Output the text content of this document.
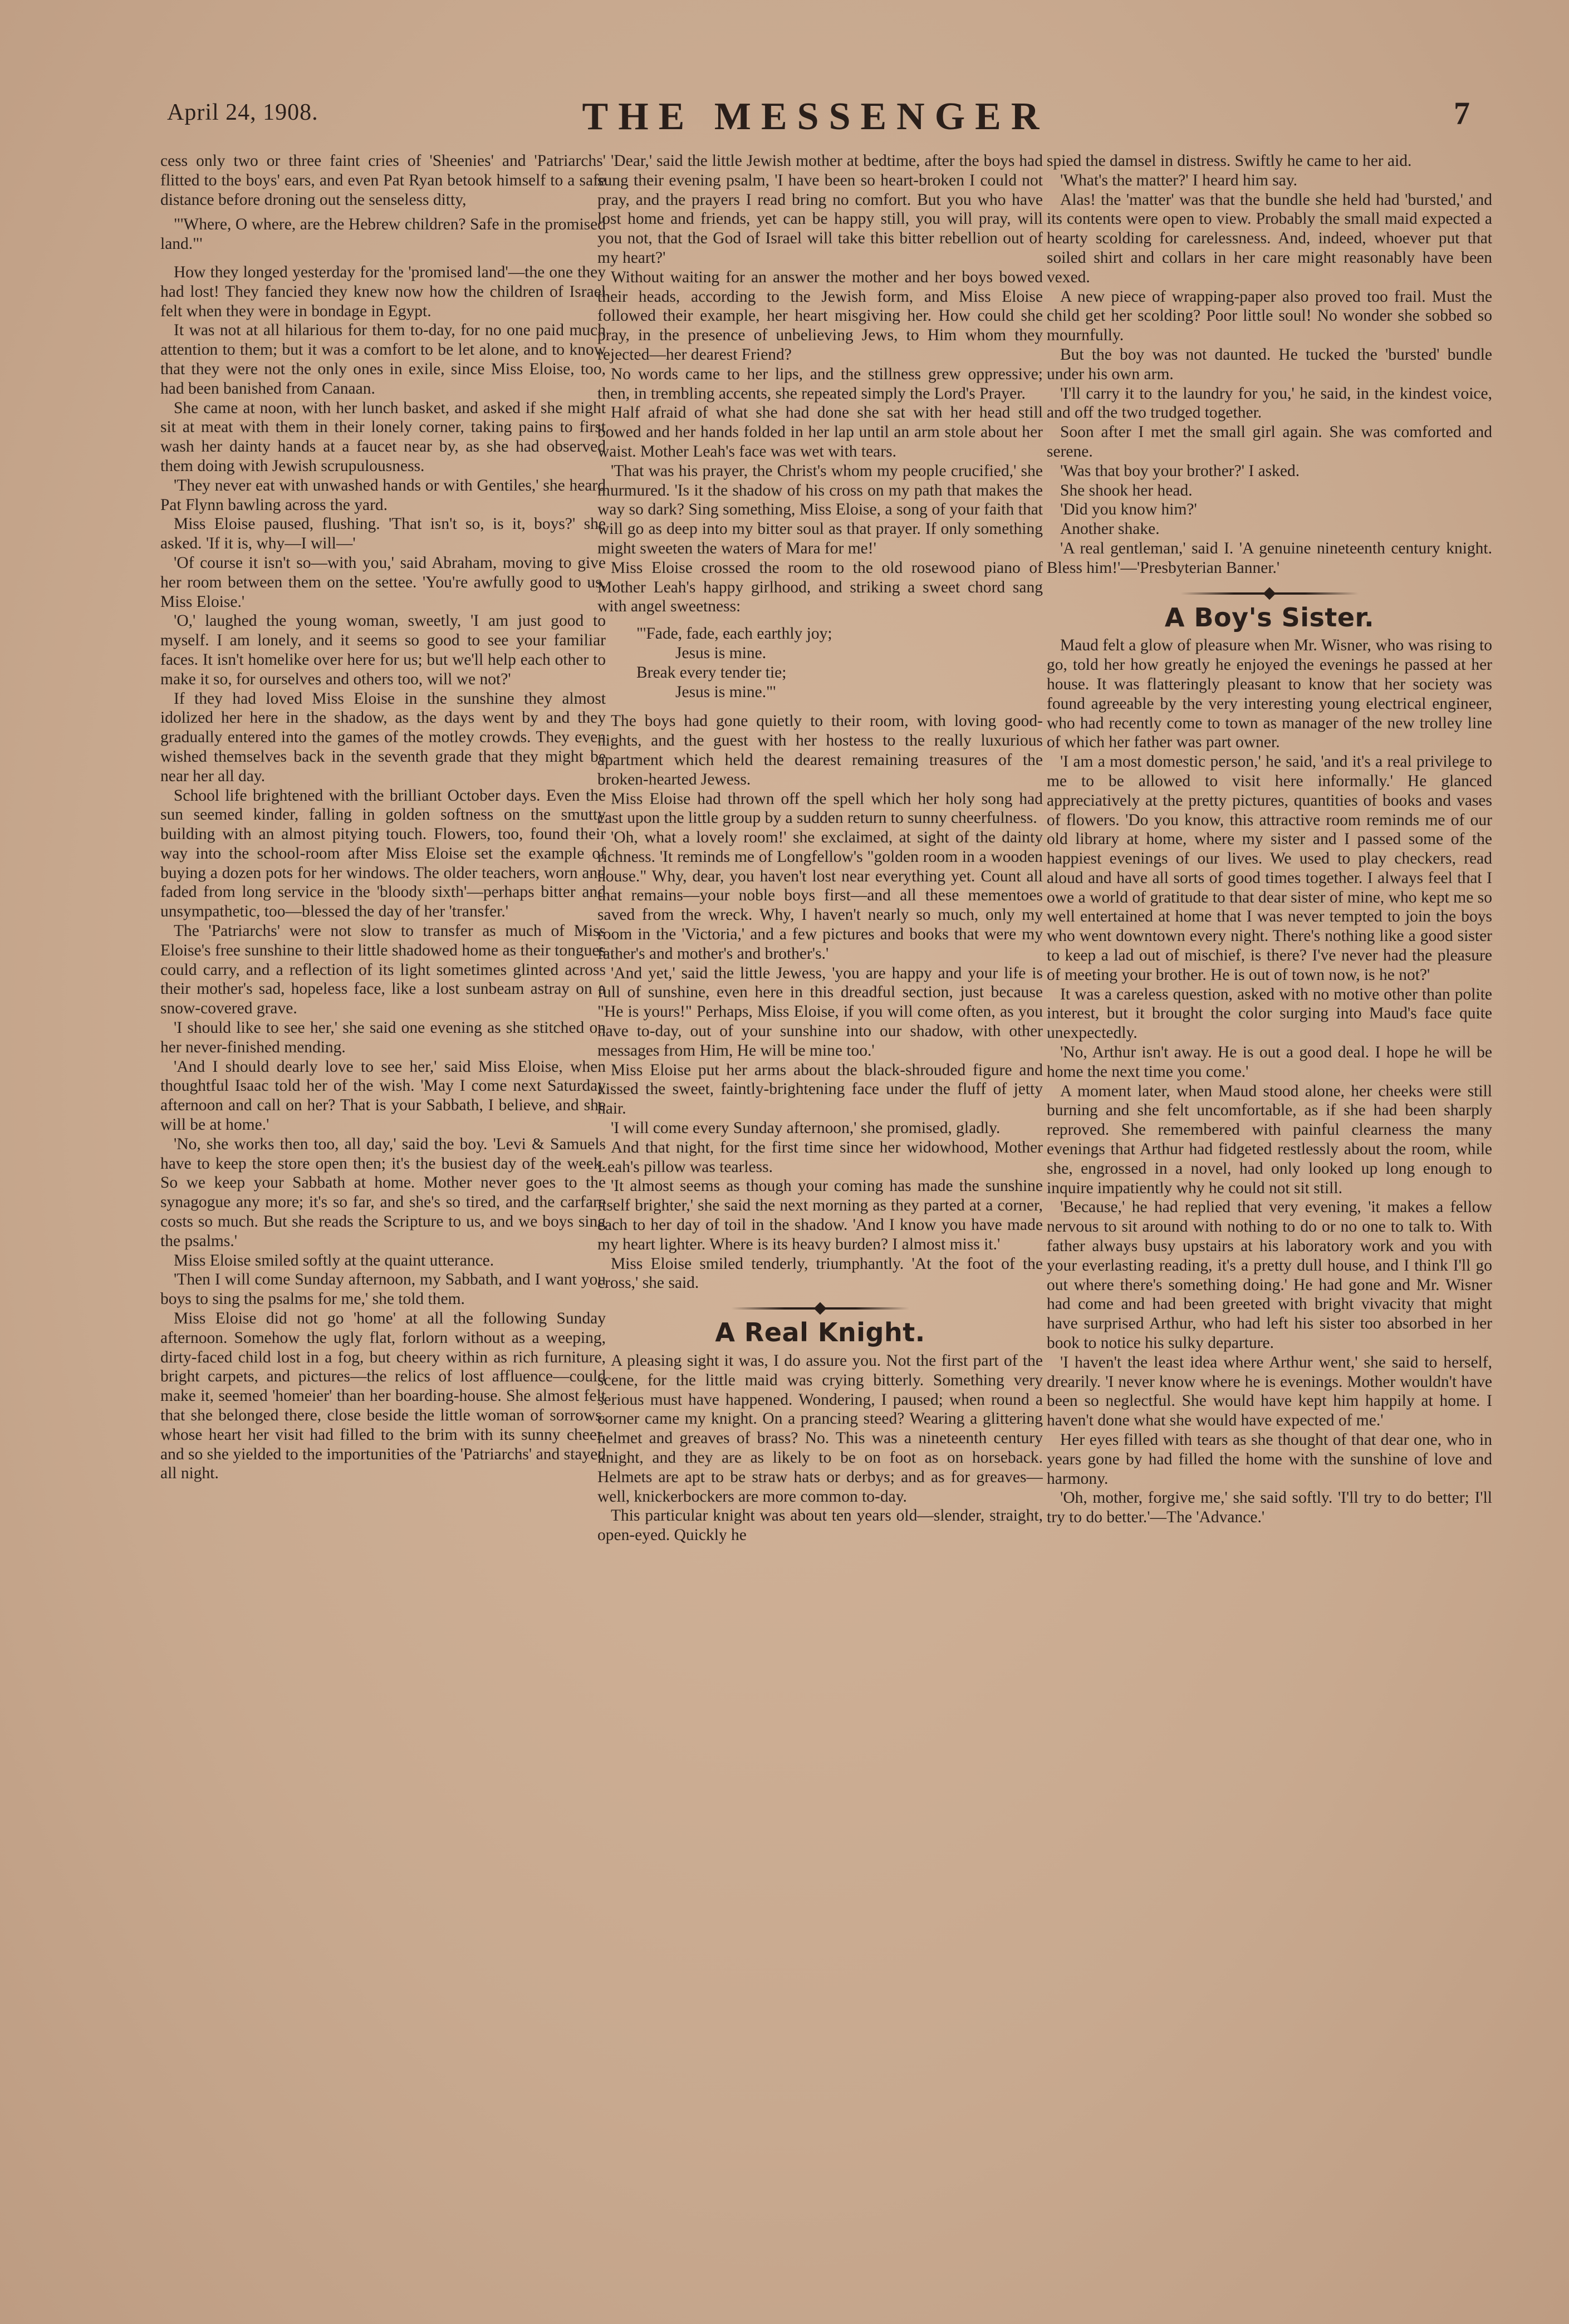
April 24, 1908.	THE MESSENGER	7

cess only two or three faint cries of 'Sheenies' and 'Patriarchs' flitted to the boys' ears, and even Pat Ryan betook himself to a safe distance before droning out the senseless ditty,

"'Where, O where, are the Hebrew children? Safe in the promised land."'

How they longed yesterday for the 'promised land'—the one they had lost! They fancied they knew now how the children of Israel felt when they were in bondage in Egypt.

It was not at all hilarious for them to-day, for no one paid much attention to them; but it was a comfort to be let alone, and to know that they were not the only ones in exile, since Miss Eloise, too, had been banished from Canaan.

She came at noon, with her lunch basket, and asked if she might sit at meat with them in their lonely corner, taking pains to first wash her dainty hands at a faucet near by, as she had observed them doing with Jewish scrupulousness.

'They never eat with unwashed hands or with Gentiles,' she heard Pat Flynn bawling across the yard.

Miss Eloise paused, flushing. 'That isn't so, is it, boys?' she asked. 'If it is, why—I will—'

'Of course it isn't so—with you,' said Abraham, moving to give her room between them on the settee. 'You're awfully good to us, Miss Eloise.'

'O,' laughed the young woman, sweetly, 'I am just good to myself. I am lonely, and it seems so good to see your familiar faces. It isn't homelike over here for us; but we'll help each other to make it so, for ourselves and others too, will we not?'

If they had loved Miss Eloise in the sunshine they almost idolized her here in the shadow, as the days went by and they gradually entered into the games of the motley crowds. They even wished themselves back in the seventh grade that they might be near her all day.

School life brightened with the brilliant October days. Even the sun seemed kinder, falling in golden softness on the smutty building with an almost pitying touch. Flowers, too, found their way into the school-room after Miss Eloise set the example of buying a dozen pots for her windows. The older teachers, worn and faded from long service in the 'bloody sixth'—perhaps bitter and unsympathetic, too—blessed the day of her 'transfer.'

The 'Patriarchs' were not slow to transfer as much of Miss Eloise's free sunshine to their little shadowed home as their tongues could carry, and a reflection of its light sometimes glinted across their mother's sad, hopeless face, like a lost sunbeam astray on a snow-covered grave.

'I should like to see her,' she said one evening as she stitched on her never-finished mending.

'And I should dearly love to see her,' said Miss Eloise, when thoughtful Isaac told her of the wish. 'May I come next Saturday afternoon and call on her? That is your Sabbath, I believe, and she will be at home.'

'No, she works then too, all day,' said the boy. 'Levi & Samuels have to keep the store open then; it's the busiest day of the week. So we keep your Sabbath at home. Mother never goes to the synagogue any more; it's so far, and she's so tired, and the carfare costs so much. But she reads the Scripture to us, and we boys sing the psalms.'

Miss Eloise smiled softly at the quaint utterance.

'Then I will come Sunday afternoon, my Sabbath, and I want you boys to sing the psalms for me,' she told them.

Miss Eloise did not go 'home' at all the following Sunday afternoon. Somehow the ugly flat, forlorn without as a weeping, dirty-faced child lost in a fog, but cheery within as rich furniture, bright carpets, and pictures—the relics of lost affluence—could make it, seemed 'homeier' than her boarding-house. She almost felt that she belonged there, close beside the little woman of sorrows, whose heart her visit had filled to the brim with its sunny cheer, and so she yielded to the importunities of the 'Patriarchs' and stayed all night.

'Dear,' said the little Jewish mother at bedtime, after the boys had sung their evening psalm, 'I have been so heart-broken I could not pray, and the prayers I read bring no comfort. But you who have lost home and friends, yet can be happy still, you will pray, will you not, that the God of Israel will take this bitter rebellion out of my heart?'

Without waiting for an answer the mother and her boys bowed their heads, according to the Jewish form, and Miss Eloise followed their example, her heart misgiving her. How could she pray, in the presence of unbelieving Jews, to Him whom they rejected—her dearest Friend?

No words came to her lips, and the stillness grew oppressive; then, in trembling accents, she repeated simply the Lord's Prayer.

Half afraid of what she had done she sat with her head still bowed and her hands folded in her lap until an arm stole about her waist. Mother Leah's face was wet with tears.

'That was his prayer, the Christ's whom my people crucified,' she murmured. 'Is it the shadow of his cross on my path that makes the way so dark? Sing something, Miss Eloise, a song of your faith that will go as deep into my bitter soul as that prayer. If only something might sweeten the waters of Mara for me!'

Miss Eloise crossed the room to the old rosewood piano of Mother Leah's happy girlhood, and striking a sweet chord sang with angel sweetness:

"'Fade, fade, each earthly joy;
Jesus is mine.
Break every tender tie;
Jesus is mine."'

The boys had gone quietly to their room, with loving good-nights, and the guest with her hostess to the really luxurious apartment which held the dearest remaining treasures of the broken-hearted Jewess.

Miss Eloise had thrown off the spell which her holy song had cast upon the little group by a sudden return to sunny cheerfulness.

'Oh, what a lovely room!' she exclaimed, at sight of the dainty richness. 'It reminds me of Longfellow's "golden room in a wooden house." Why, dear, you haven't lost near everything yet. Count all that remains—your noble boys first—and all these mementoes saved from the wreck. Why, I haven't nearly so much, only my room in the 'Victoria,' and a few pictures and books that were my father's and mother's and brother's.'

'And yet,' said the little Jewess, 'you are happy and your life is full of sunshine, even here in this dreadful section, just because "He is yours!" Perhaps, Miss Eloise, if you will come often, as you have to-day, out of your sunshine into our shadow, with other messages from Him, He will be mine too.'

Miss Eloise put her arms about the black-shrouded figure and kissed the sweet, faintly-brightening face under the fluff of jetty hair.

'I will come every Sunday afternoon,' she promised, gladly.

And that night, for the first time since her widowhood, Mother Leah's pillow was tearless.

'It almost seems as though your coming has made the sunshine itself brighter,' she said the next morning as they parted at a corner, each to her day of toil in the shadow. 'And I know you have made my heart lighter. Where is its heavy burden? I almost miss it.'

Miss Eloise smiled tenderly, triumphantly. 'At the foot of the cross,' she said.

A Real Knight.

A pleasing sight it was, I do assure you. Not the first part of the scene, for the little maid was crying bitterly. Something very serious must have happened. Wondering, I paused; when round a corner came my knight. On a prancing steed? Wearing a glittering helmet and greaves of brass? No. This was a nineteenth century knight, and they are as likely to be on foot as on horseback. Helmets are apt to be straw hats or derbys; and as for greaves—well, knickerbockers are more common to-day.

This particular knight was about ten years old—slender, straight, open-eyed. Quickly he

spied the damsel in distress. Swiftly he came to her aid.

'What's the matter?' I heard him say.

Alas! the 'matter' was that the bundle she held had 'bursted,' and its contents were open to view. Probably the small maid expected a hearty scolding for carelessness. And, indeed, whoever put that soiled shirt and collars in her care might reasonably have been vexed.

A new piece of wrapping-paper also proved too frail. Must the child get her scolding? Poor little soul! No wonder she sobbed so mournfully.

But the boy was not daunted. He tucked the 'bursted' bundle under his own arm.

'I'll carry it to the laundry for you,' he said, in the kindest voice, and off the two trudged together.

Soon after I met the small girl again. She was comforted and serene.

'Was that boy your brother?' I asked.

She shook her head.

'Did you know him?'

Another shake.

'A real gentleman,' said I. 'A genuine nineteenth century knight. Bless him!'—'Presbyterian Banner.'

A Boy's Sister.

Maud felt a glow of pleasure when Mr. Wisner, who was rising to go, told her how greatly he enjoyed the evenings he passed at her house. It was flatteringly pleasant to know that her society was found agreeable by the very interesting young electrical engineer, who had recently come to town as manager of the new trolley line of which her father was part owner.

'I am a most domestic person,' he said, 'and it's a real privilege to me to be allowed to visit here informally.' He glanced appreciatively at the pretty pictures, quantities of books and vases of flowers. 'Do you know, this attractive room reminds me of our old library at home, where my sister and I passed some of the happiest evenings of our lives. We used to play checkers, read aloud and have all sorts of good times together. I always feel that I owe a world of gratitude to that dear sister of mine, who kept me so well entertained at home that I was never tempted to join the boys who went downtown every night. There's nothing like a good sister to keep a lad out of mischief, is there? I've never had the pleasure of meeting your brother. He is out of town now, is he not?'

It was a careless question, asked with no motive other than polite interest, but it brought the color surging into Maud's face quite unexpectedly.

'No, Arthur isn't away. He is out a good deal. I hope he will be home the next time you come.'

A moment later, when Maud stood alone, her cheeks were still burning and she felt uncomfortable, as if she had been sharply reproved. She remembered with painful clearness the many evenings that Arthur had fidgeted restlessly about the room, while she, engrossed in a novel, had only looked up long enough to inquire impatiently why he could not sit still.

'Because,' he had replied that very evening, 'it makes a fellow nervous to sit around with nothing to do or no one to talk to. With father always busy upstairs at his laboratory work and you with your everlasting reading, it's a pretty dull house, and I think I'll go out where there's something doing.' He had gone and Mr. Wisner had come and had been greeted with bright vivacity that might have surprised Arthur, who had left his sister too absorbed in her book to notice his sulky departure.

'I haven't the least idea where Arthur went,' she said to herself, drearily. 'I never know where he is evenings. Mother wouldn't have been so neglectful. She would have kept him happily at home. I haven't done what she would have expected of me.'

Her eyes filled with tears as she thought of that dear one, who in years gone by had filled the home with the sunshine of love and harmony.

'Oh, mother, forgive me,' she said softly. 'I'll try to do better; I'll try to do better.'—The 'Advance.'
